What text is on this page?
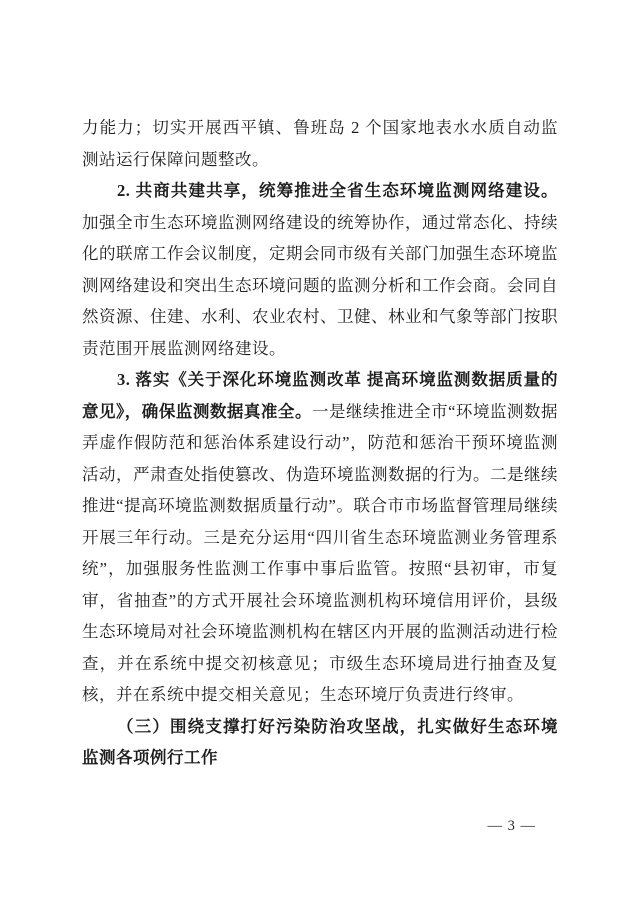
力能力；切实开展西平镇、鲁班岛 2 个国家地表水水质自动监测站运行保障问题整改。

2. 共商共建共享，统筹推进全省生态环境监测网络建设。加强全市生态环境监测网络建设的统筹协作，通过常态化、持续化的联席工作会议制度，定期会同市级有关部门加强生态环境监测网络建设和突出生态环境问题的监测分析和工作会商。会同自然资源、住建、水利、农业农村、卫健、林业和气象等部门按职责范围开展监测网络建设。

3. 落实《关于深化环境监测改革 提高环境监测数据质量的意见》，确保监测数据真准全。一是继续推进全市“环境监测数据弄虚作假防范和惩治体系建设行动”，防范和惩治干预环境监测活动，严肃查处指使篡改、伪造环境监测数据的行为。二是继续推进“提高环境监测数据质量行动”。联合市市场监督管理局继续开展三年行动。三是充分运用“四川省生态环境监测业务管理系统”，加强服务性监测工作事中事后监管。按照“县初审，市复审，省抽查”的方式开展社会环境监测机构环境信用评价，县级生态环境局对社会环境监测机构在辖区内开展的监测活动进行检查，并在系统中提交初核意见；市级生态环境局进行抽查及复核，并在系统中提交相关意见；生态环境厅负责进行终审。

（三）围绕支撑打好污染防治攻坚战，扎实做好生态环境监测各项例行工作

— 3 —
